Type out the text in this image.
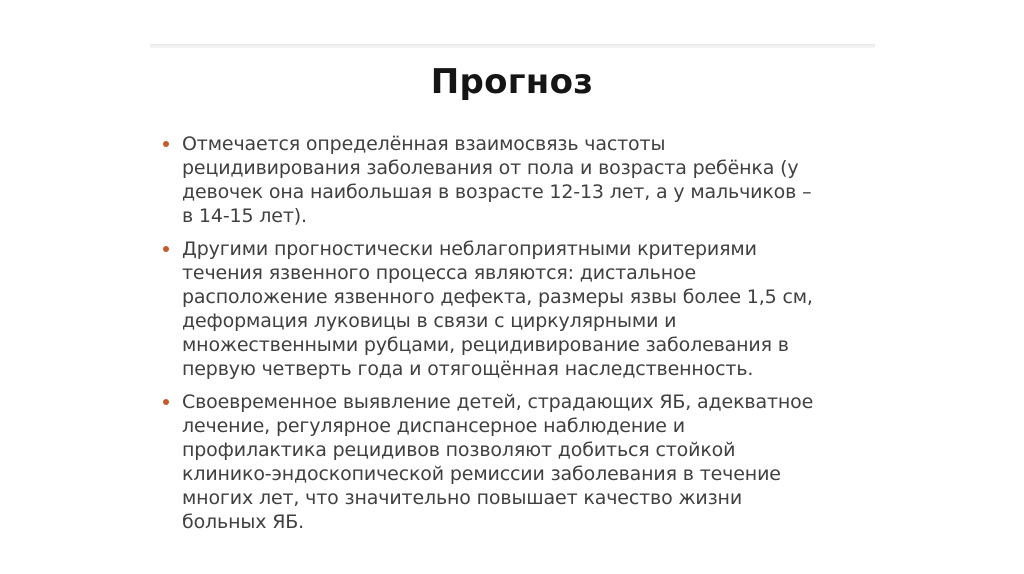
Прогноз
Отмечается определённая взаимосвязь частоты
рецидивирования заболевания от пола и возраста ребёнка (у
девочек она наибольшая в возрасте 12-13 лет, а у мальчиков –
в 14-15 лет).
Другими прогностически неблагоприятными критериями
течения язвенного процесса являются: дистальное
расположение язвенного дефекта, размеры язвы более 1,5 см,
деформация луковицы в связи с циркулярными и
множественными рубцами, рецидивирование заболевания в
первую четверть года и отягощённая наследственность.
Своевременное выявление детей, страдающих ЯБ, адекватное
лечение, регулярное диспансерное наблюдение и
профилактика рецидивов позволяют добиться стойкой
клинико-эндоскопической ремиссии заболевания в течение
многих лет, что значительно повышает качество жизни
больных ЯБ.
